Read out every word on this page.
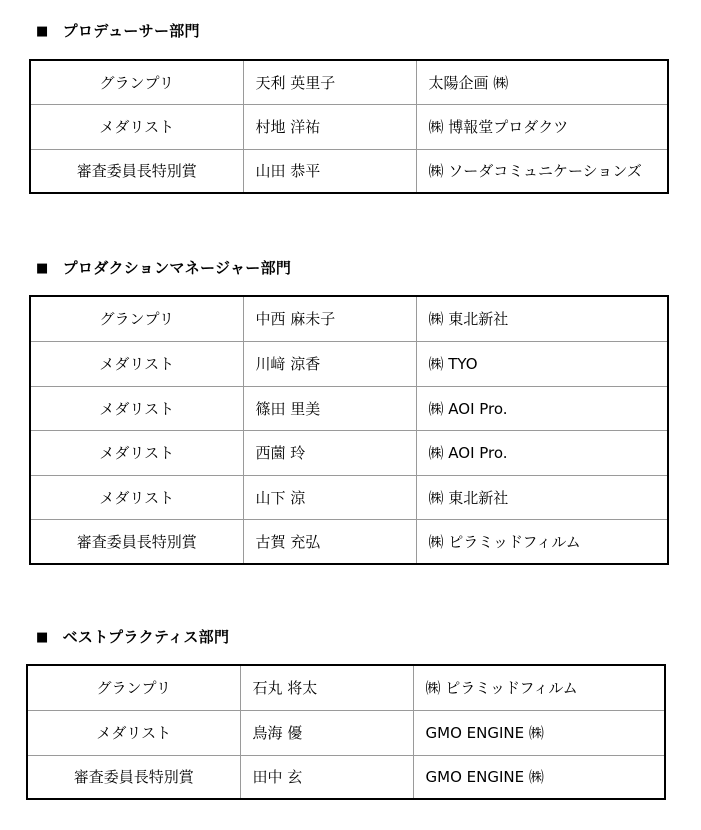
■ プロデューサー部門
グランプリ	天利 英里子	太陽企画 ㈱
メダリスト	村地 洋祐	㈱ 博報堂プロダクツ
審査委員長特別賞	山田 恭平	㈱ ソーダコミュニケーションズ
■ プロダクションマネージャー部門
グランプリ	中西 麻未子	㈱ 東北新社
メダリスト	川﨑 涼香	㈱ TYO
メダリスト	篠田 里美	㈱ AOI Pro.
メダリスト	西薗 玲	㈱ AOI Pro.
メダリスト	山下 涼	㈱ 東北新社
審査委員長特別賞	古賀 充弘	㈱ ピラミッドフィルム
■ ベストプラクティス部門
グランプリ	石丸 将太	㈱ ピラミッドフィルム
メダリスト	鳥海 優	GMO ENGINE ㈱
審査委員長特別賞	田中 玄	GMO ENGINE ㈱
